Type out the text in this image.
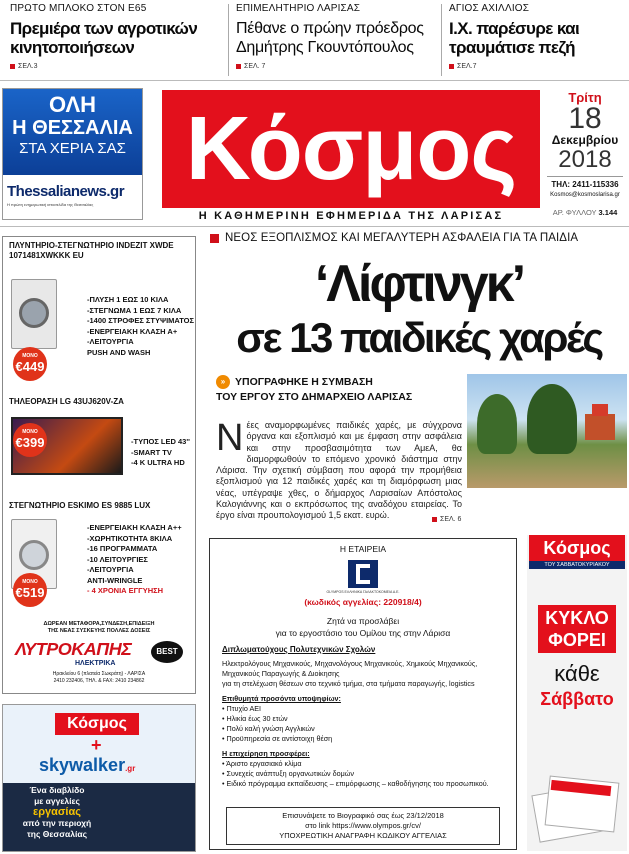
ΠΡΩΤΟ ΜΠΛΟΚΟ ΣΤΟΝ Ε65
Πρεμιέρα των αγροτικών κινητοποιήσεων
ΣΕΛ.3
ΕΠΙΜΕΛΗΤΗΡΙΟ ΛΑΡΙΣΑΣ
Πέθανε ο πρώην πρόεδρος Δημήτρης Γκουντόπουλος
ΣΕΛ. 7
ΑΓΙΟΣ ΑΧΙΛΛΙΟΣ
Ι.Χ. παρέσυρε και τραυμάτισε πεζή
ΣΕΛ.7
ΟΛΗ
Η ΘΕΣΣΑΛΙΑ
ΣΤΑ ΧΕΡΙΑ ΣΑΣ
Thessalianews.gr
Η πρώτη ενημερωτική ιστοσελίδα της Θεσσαλίας
Κόσμος
Η ΚΑΘΗΜΕΡΙΝΗ ΕΦΗΜΕΡΙΔΑ ΤΗΣ ΛΑΡΙΣΑΣ
Τρίτη
18
Δεκεμβρίου
2018
ΤΗΛ: 2411-115336
Kosmos@kosmoslarisa.gr
ΑΡ. ΦΥΛΛΟΥ 3.144
ΠΛΥΝΤΗΡΙΟ-ΣΤΕΓΝΩΤΗΡΙΟ INDEZIT XWDE 1071481XWKKK EU
ΜΟΝΟ
€449
-ΠΛΥΣΗ 1 ΕΩΣ 10 ΚΙΛΑ
-ΣΤΕΓΝΩΜΑ 1 ΕΩΣ 7 ΚΙΛΑ
-1400 ΣΤΡΟΦΕΣ ΣΤΥΨΙΜΑΤΟΣ
-ΕΝΕΡΓΕΙΑΚΗ ΚΛΑΣΗ Α+
-ΛΕΙΤΟΥΡΓΙΑ
PUSH AND WASH
ΤΗΛΕΟΡΑΣΗ LG 43UJ620V-ZA
ΜΟΝΟ
€399	-ΤΥΠΟΣ LED 43''
-SMART TV
-4 K ULTRA HD
ΣΤΕΓΝΩΤΗΡΙΟ ESKIMO ES 9885 LUX
ΜΟΝΟ
€519
-ΕΝΕΡΓΕΙΑΚΗ ΚΛΑΣΗ Α++
-ΧΩΡΗΤΙΚΟΤΗΤΑ 8ΚΙΛΑ
-16 ΠΡΟΓΡΑΜΜΑΤΑ
-10 ΛΕΙΤΟΥΡΓΙΕΣ
-ΛΕΙΤΟΥΡΓΙΑ
ANTI-WRINGLE
- 4 ΧΡΟΝΙΑ ΕΓΓΥΗΣΗ
ΔΩΡΕΑΝ ΜΕΤΑΦΟΡΑ,ΣΥΝΔΕΣΗ,ΕΠΙΔΕΙΞΗ
ΤΗΣ ΝΕΑΣ ΣΥΣΚΕΥΗΣ ΠΟΛΛΕΣ ΔΟΣΕΙΣ
ΛΥΤΡΟΚΑΠΗΣ
ΗΛΕΚΤΡΙΚΑ
BEST
Ηρακλείου 6 (πλατεία Σωκράτη) - ΛΑΡΙΣΑ
2410 232406, ΤΗΛ. & FAX: 2410 234862
Κόσμος
+
skywalker.gr
Ένα διαβλίδο
με αγγελίες
εργασίας
από την περιοχή
της Θεσσαλίας
ΝΕΟΣ ΕΞΟΠΛΙΣΜΟΣ ΚΑΙ ΜΕΓΑΛΥΤΕΡΗ ΑΣΦΑΛΕΙΑ ΓΙΑ ΤΑ ΠΑΙΔΙΑ
‘Λίφτινγκ’
σε 13 παιδικές χαρές
» ΥΠΟΓΡΑΦΗΚΕ Η ΣΥΜΒΑΣΗ
ΤΟΥ ΕΡΓΟΥ ΣΤΟ ΔΗΜΑΡΧΕΙΟ ΛΑΡΙΣΑΣ
Νέες αναμορφωμένες παιδικές χαρές, με σύγχρονα όργανα και εξοπλισμό και με έμφαση στην ασφάλεια και στην προσβασιμότητα των ΑμεΑ, θα διαμορφωθούν το επόμενο χρονικό διάστημα στην Λάρισα. Την σχετική σύμβαση που αφορά την προμήθεια εξοπλισμού για 12 παιδικές χαρές και τη διαμόρφωση μιας νέας, υπέγραψε χθες, ο δήμαρχος Λαρισαίων Απόστολος Καλογιάννης και ο εκπρόσωπος της αναδόχου εταιρείας. Το έργο είναι προυπολογισμού 1,5 εκατ. ευρώ.	ΣΕΛ. 6
Η ΕΤΑΙΡΕΙΑ
OLYMPOS ΕΛΛΗΝΙΚΑ ΓΑΛΑΚΤΟΚΟΜΕΙΑ Α.Ε.
(κωδικός αγγελίας: 220918/4)
Ζητά να προσλάβει
για το εργοστάσιο του Ομίλου της στην Λάρισα
Διπλωματούχους Πολυτεχνικών Σχολών
Ηλεκτρολόγους Μηχανικούς, Μηχανολόγους Μηχανικούς, Χημικούς Μηχανικούς,
Μηχανικούς Παραγωγής & Διοίκησης
για τη στελέχωση θέσεων στο τεχνικό τμήμα, στα τμήματα παραγωγής, logistics
Επιθυμητά προσόντα υποψηφίων:
• Πτυχίο ΑΕΙ
• Ηλικία έως 30 ετών
• Πολύ καλή γνώση Αγγλικών
• Προϋπηρεσία σε αντίστοιχη θέση
Η επιχείρηση προσφέρει:
• Άριστο εργασιακό κλίμα
• Συνεχείς ανάπτυξη οργανωτικών δομών
• Ειδικό πρόγραμμα εκπαίδευσης – επιμόρφωσης – καθοδήγησης του προσωπικού.
Επισυνάψετε το Βιογραφικό σας έως 23/12/2018
στο link https://www.olympos.gr/cv/
ΥΠΟΧΡΕΩΤΙΚΗ ΑΝΑΓΡΑΦΗ ΚΩΔΙΚΟΥ ΑΓΓΕΛΙΑΣ
Κόσμος
ΤΟΥ ΣΑΒΒΑΤΟΚΥΡΙΑΚΟΥ
ΚΥΚΛΟ
ΦΟΡΕΙ
κάθε
Σάββατο
